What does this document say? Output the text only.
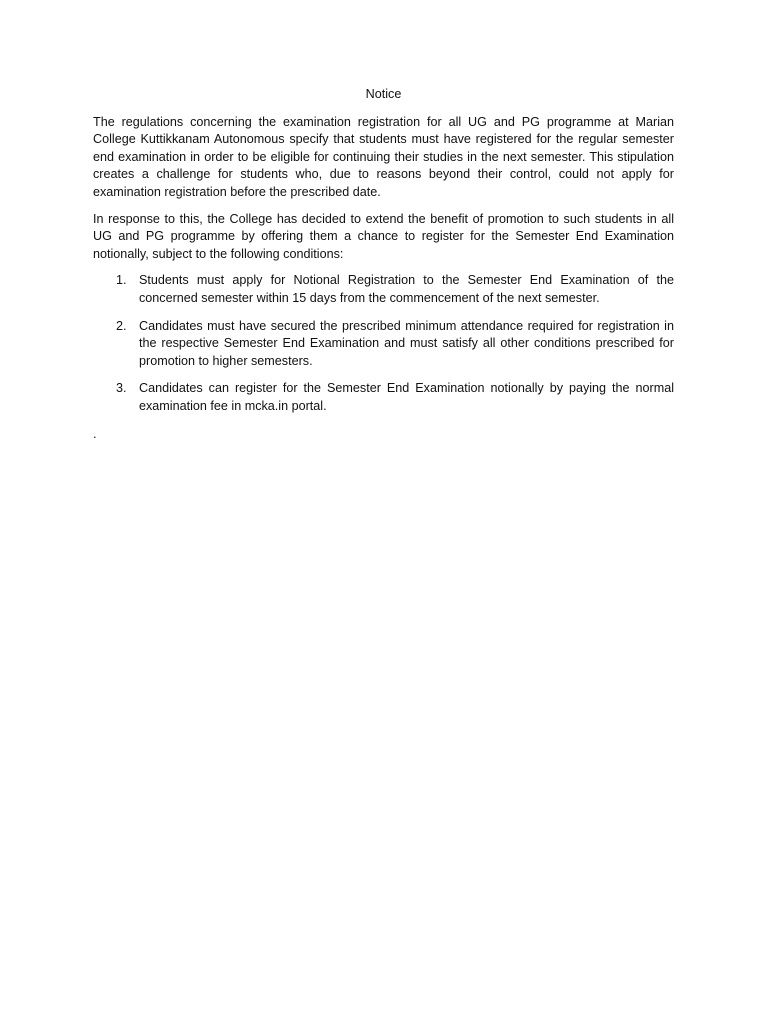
Notice

The regulations concerning the examination registration for all UG and PG programme at Marian College Kuttikkanam Autonomous specify that students must have registered for the regular semester end examination in order to be eligible for continuing their studies in the next semester. This stipulation creates a challenge for students who, due to reasons beyond their control, could not apply for examination registration before the prescribed date.

In response to this, the College has decided to extend the benefit of promotion to such students in all UG and PG programme by offering them a chance to register for the Semester End Examination notionally, subject to the following conditions:

1. Students must apply for Notional Registration to the Semester End Examination of the concerned semester within 15 days from the commencement of the next semester.
2. Candidates must have secured the prescribed minimum attendance required for registration in the respective Semester End Examination and must satisfy all other conditions prescribed for promotion to higher semesters.
3. Candidates can register for the Semester End Examination notionally by paying the normal examination fee in mcka.in portal.
.
